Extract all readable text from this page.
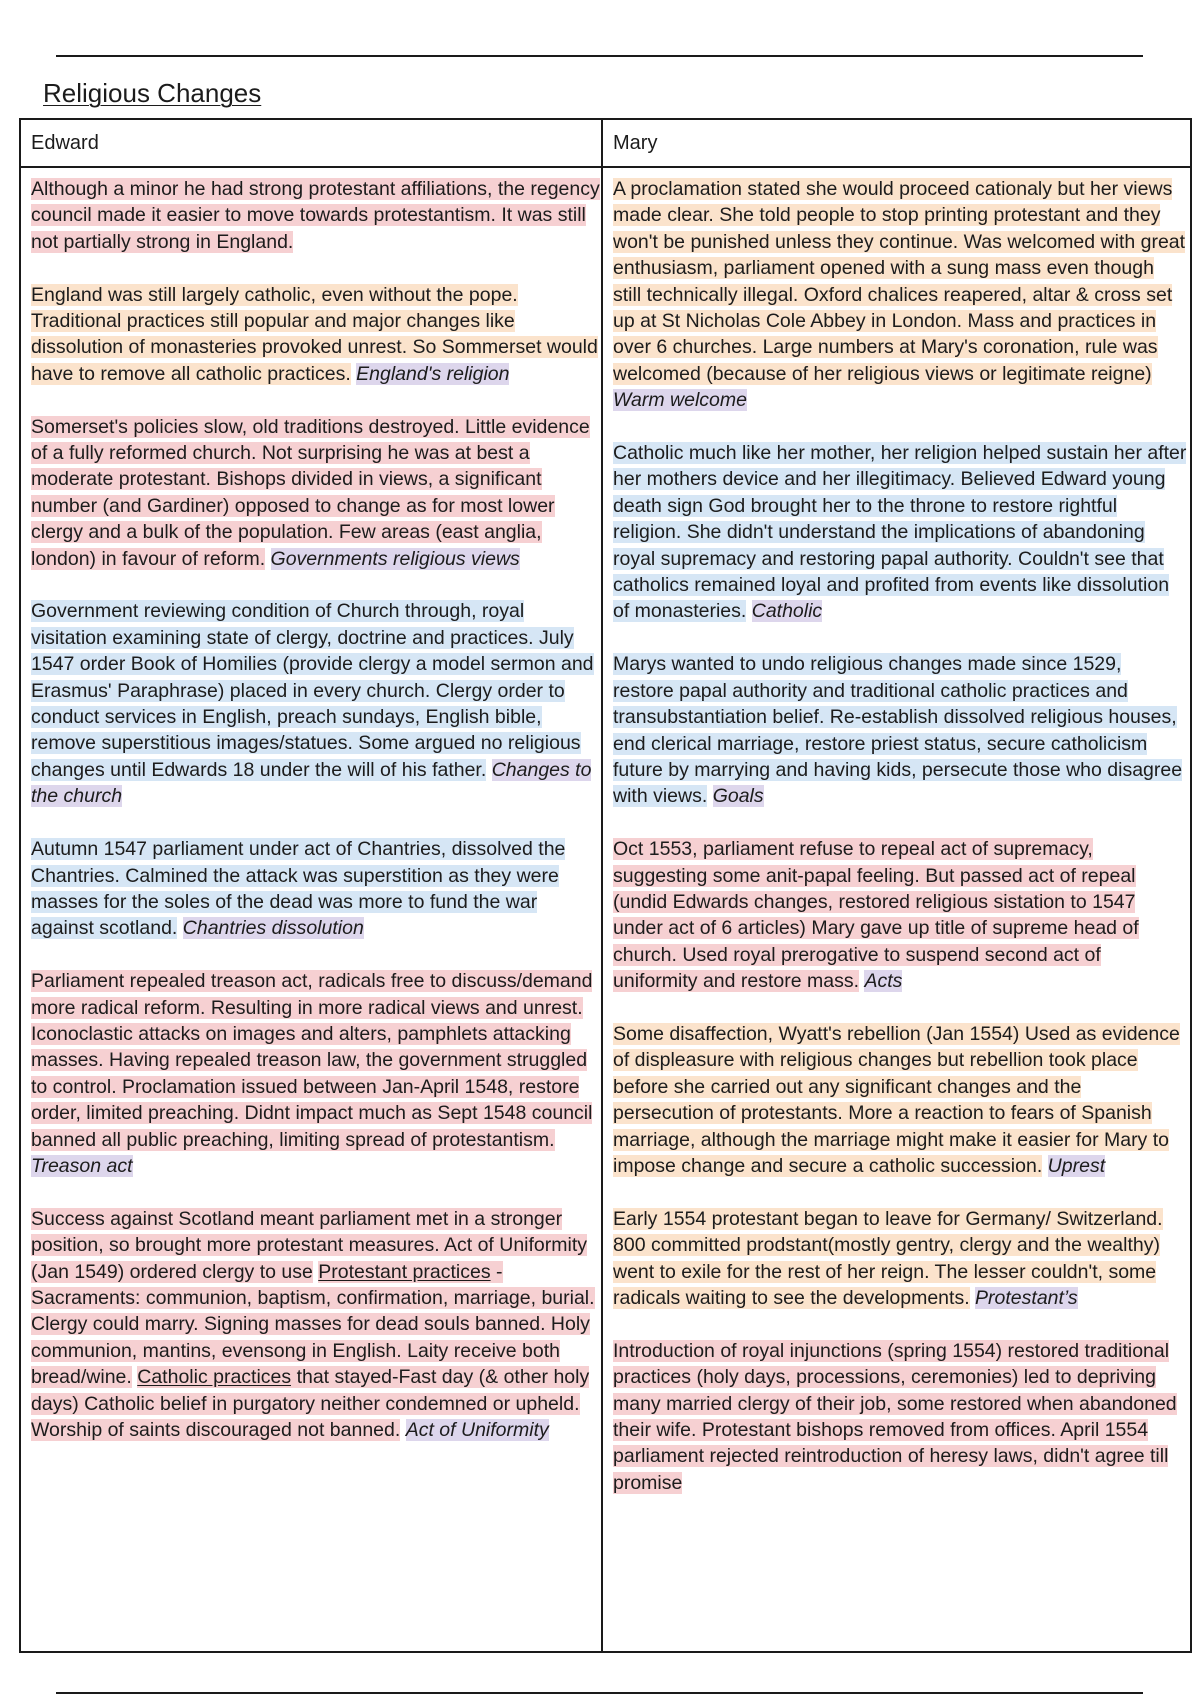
Religious Changes
Edward	Mary

Although a minor he had strong protestant affiliations, the regency council made it easier to move towards protestantism. It was still not partially strong in England.

England was still largely catholic, even without the pope. Traditional practices still popular and major changes like dissolution of monasteries provoked unrest. So Sommerset would have to remove all catholic practices. England's religion

Somerset's policies slow, old traditions destroyed. Little evidence of a fully reformed church. Not surprising he was at best a moderate protestant. Bishops divided in views, a significant number (and Gardiner) opposed to change as for most lower clergy and a bulk of the population. Few areas (east anglia, london) in favour of reform. Governments religious views

Government reviewing condition of Church through, royal visitation examining state of clergy, doctrine and practices. July 1547 order Book of Homilies (provide clergy a model sermon and Erasmus' Paraphrase) placed in every church. Clergy order to conduct services in English, preach sundays, English bible, remove superstitious images/statues. Some argued no religious changes until Edwards 18 under the will of his father. Changes to the church

Autumn 1547 parliament under act of Chantries, dissolved the Chantries. Calmined the attack was superstition as they were masses for the soles of the dead was more to fund the war against scotland. Chantries dissolution

Parliament repealed treason act, radicals free to discuss/demand more radical reform. Resulting in more radical views and unrest. Iconoclastic attacks on images and alters, pamphlets attacking masses. Having repealed treason law, the government struggled to control. Proclamation issued between Jan-April 1548, restore order, limited preaching. Didnt impact much as Sept 1548 council banned all public preaching, limiting spread of protestantism. Treason act

Success against Scotland meant parliament met in a stronger position, so brought more protestant measures. Act of Uniformity (Jan 1549) ordered clergy to use Protestant practices - Sacraments: communion, baptism, confirmation, marriage, burial. Clergy could marry. Signing masses for dead souls banned. Holy communion, mantins, evensong in English. Laity receive both bread/wine. Catholic practices that stayed-Fast day (& other holy days) Catholic belief in purgatory neither condemned or upheld. Worship of saints discouraged not banned. Act of Uniformity

A proclamation stated she would proceed cationaly but her views made clear. She told people to stop printing protestant and they won't be punished unless they continue. Was welcomed with great enthusiasm, parliament opened with a sung mass even though still technically illegal. Oxford chalices reapered, altar & cross set up at St Nicholas Cole Abbey in London. Mass and practices in over 6 churches. Large numbers at Mary's coronation, rule was welcomed (because of her religious views or legitimate reigne) Warm welcome

Catholic much like her mother, her religion helped sustain her after her mothers device and her illegitimacy. Believed Edward young death sign God brought her to the throne to restore rightful religion. She didn't understand the implications of abandoning royal supremacy and restoring papal authority. Couldn't see that catholics remained loyal and profited from events like dissolution of monasteries. Catholic

Marys wanted to undo religious changes made since 1529, restore papal authority and traditional catholic practices and transubstantiation belief. Re-establish dissolved religious houses, end clerical marriage, restore priest status, secure catholicism future by marrying and having kids, persecute those who disagree with views. Goals

Oct 1553, parliament refuse to repeal act of supremacy, suggesting some anit-papal feeling. But passed act of repeal (undid Edwards changes, restored religious sistation to 1547 under act of 6 articles) Mary gave up title of supreme head of church. Used royal prerogative to suspend second act of uniformity and restore mass. Acts

Some disaffection, Wyatt's rebellion (Jan 1554) Used as evidence of displeasure with religious changes but rebellion took place before she carried out any significant changes and the persecution of protestants. More a reaction to fears of Spanish marriage, although the marriage might make it easier for Mary to impose change and secure a catholic succession. Uprest

Early 1554 protestant began to leave for Germany/ Switzerland. 800 committed prodstant(mostly gentry, clergy and the wealthy) went to exile for the rest of her reign. The lesser couldn't, some radicals waiting to see the developments. Protestant’s

Introduction of royal injunctions (spring 1554) restored traditional practices (holy days, processions, ceremonies) led to depriving many married clergy of their job, some restored when abandoned their wife. Protestant bishops removed from offices. April 1554 parliament rejected reintroduction of heresy laws, didn't agree till promise
